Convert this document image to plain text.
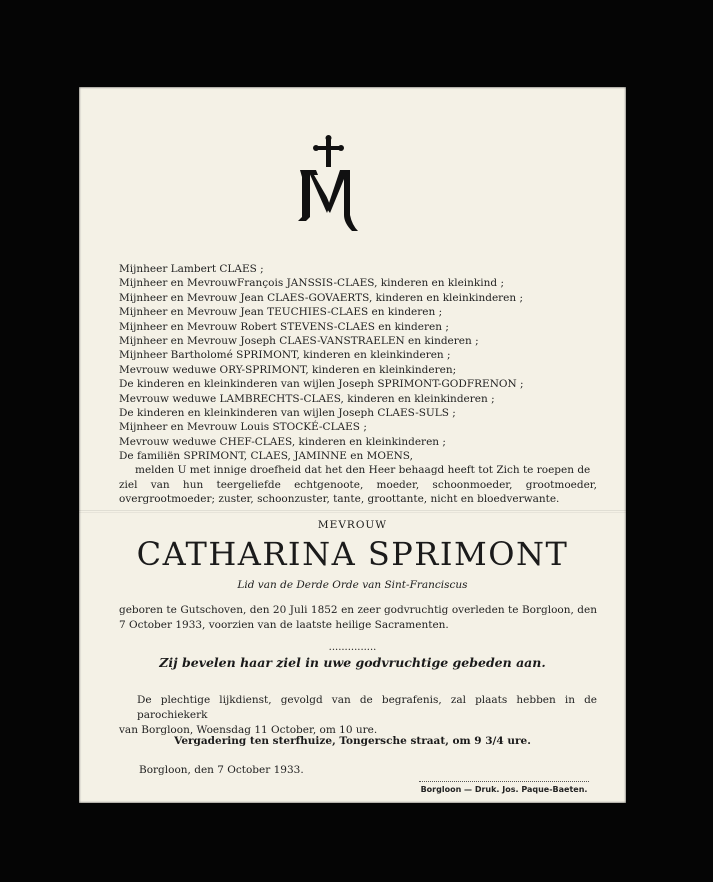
Mijnheer Lambert CLAES ;
Mijnheer en MevrouwFrançois JANSSIS-CLAES, kinderen en kleinkind ;
Mijnheer en Mevrouw Jean CLAES-GOVAERTS, kinderen en kleinkinderen ;
Mijnheer en Mevrouw Jean TEUCHIES-CLAES en kinderen ;
Mijnheer en Mevrouw Robert STEVENS-CLAES en kinderen ;
Mijnheer en Mevrouw Joseph CLAES-VANSTRAELEN en kinderen ;
Mijnheer Bartholomé SPRIMONT, kinderen en kleinkinderen ;
Mevrouw weduwe ORY-SPRIMONT, kinderen en kleinkinderen;
De kinderen en kleinkinderen van wijlen Joseph SPRIMONT-GODFRENON ;
Mevrouw weduwe LAMBRECHTS-CLAES, kinderen en kleinkinderen ;
De kinderen en kleinkinderen van wijlen Joseph CLAES-SULS ;
Mijnheer en Mevrouw Louis STOCKÉ-CLAES ;
Mevrouw weduwe CHEF-CLAES, kinderen en kleinkinderen ;
De familiën SPRIMONT, CLAES, JAMINNE en MOENS,
melden U met innige droefheid dat het den Heer behaagd heeft tot Zich te roepen de
ziel van hun teergeliefde echtgenoote, moeder, schoonmoeder, grootmoeder, overgrootmoeder; zuster, schoonzuster, tante, groottante, nicht en bloedverwante.
MEVROUW
CATHARINA SPRIMONT
Lid van de Derde Orde van Sint-Franciscus
geboren te Gutschoven, den 20 Juli 1852 en zeer godvruchtig overleden te Borgloon, den 7 October 1933, voorzien van de laatste heilige Sacramenten.
...............
Zij bevelen haar ziel in uwe godvruchtige gebeden aan.
De plechtige lijkdienst, gevolgd van de begrafenis, zal plaats hebben in de parochiekerk
van Borgloon, Woensdag 11 October, om 10 ure.
Vergadering ten sterfhuize, Tongersche straat, om 9 3/4 ure.
Borgloon, den 7 October 1933.
Borgloon — Druk. Jos. Paque-Baeten.
